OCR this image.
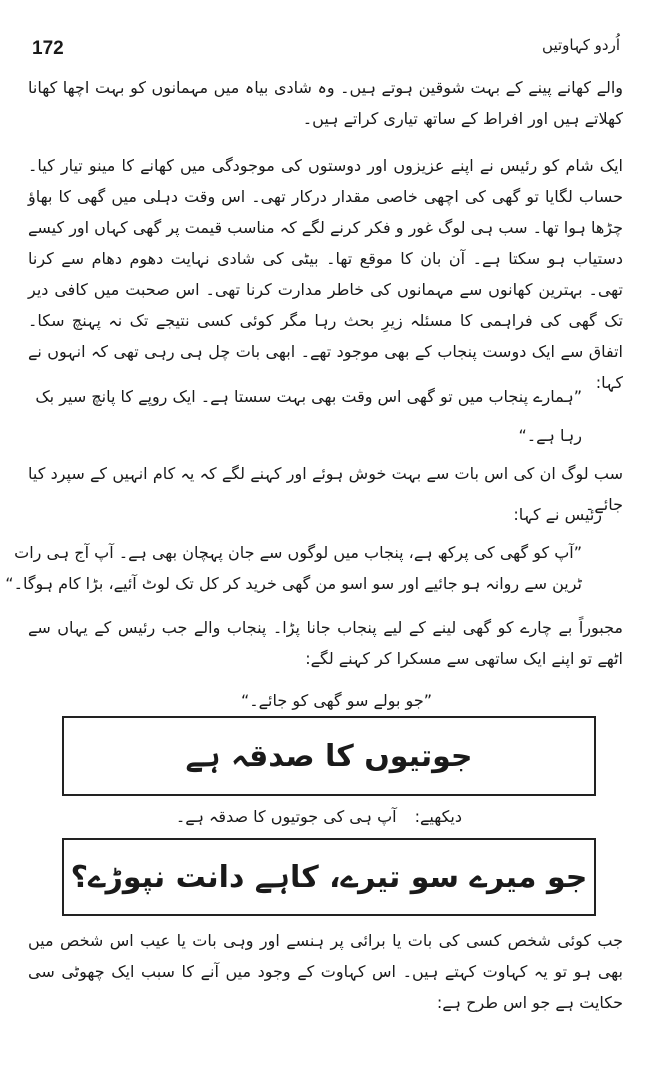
172	اُردو کہاوتیں

والے کھانے پینے کے بہت شوقین ہوتے ہیں۔ وہ شادی بیاہ میں مہمانوں کو بہت اچھا کھانا کھلاتے ہیں اور افراط کے ساتھ تیاری کراتے ہیں۔

ایک شام کو رئیس نے اپنے عزیزوں اور دوستوں کی موجودگی میں کھانے کا مینو تیار کیا۔ حساب لگایا تو گھی کی اچھی خاصی مقدار درکار تھی۔ اس وقت دہلی میں گھی کا بھاؤ چڑھا ہوا تھا۔ سب ہی لوگ غور و فکر کرنے لگے کہ مناسب قیمت پر گھی کہاں اور کیسے دستیاب ہو سکتا ہے۔ آن بان کا موقع تھا۔ بیٹی کی شادی نہایت دھوم دھام سے کرنا تھی۔ بہترین کھانوں سے مہمانوں کی خاطر مدارت کرنا تھی۔ اس صحبت میں کافی دیر تک گھی کی فراہمی کا مسئلہ زیرِ بحث رہا مگر کوئی کسی نتیجے تک نہ پہنچ سکا۔ اتفاق سے ایک دوست پنجاب کے بھی موجود تھے۔ ابھی بات چل ہی رہی تھی کہ انہوں نے کہا:

”ہمارے پنجاب میں تو گھی اس وقت بھی بہت سستا ہے۔ ایک روپے کا پانچ سیر بک

رہا ہے۔“

سب لوگ ان کی اس بات سے بہت خوش ہوئے اور کہنے لگے کہ یہ کام انہیں کے سپرد کیا جائے۔

رئیس نے کہا:

”آپ کو گھی کی پرکھ ہے، پنجاب میں لوگوں سے جان پہچان بھی ہے۔ آپ آج ہی رات

ٹرین سے روانہ ہو جائیے اور سو اسو من گھی خرید کر کل تک لوٹ آئیے، بڑا کام ہوگا۔“

مجبوراً بے چارے کو گھی لینے کے لیے پنجاب جانا پڑا۔ پنجاب والے جب رئیس کے یہاں سے اٹھے تو اپنے ایک ساتھی سے مسکرا کر کہنے لگے:

”جو بولے سو گھی کو جائے۔“

جوتیوں کا صدقہ ہے
دیکھیے:آپ ہی کی جوتیوں کا صدقہ ہے۔
جو میرے سو تیرے، کاہے دانت نپوڑے؟

جب کوئی شخص کسی کی بات یا برائی پر ہنسے اور وہی بات یا عیب اس شخص میں بھی ہو تو یہ کہاوت کہتے ہیں۔ اس کہاوت کے وجود میں آنے کا سبب ایک چھوٹی سی حکایت ہے جو اس طرح ہے:
